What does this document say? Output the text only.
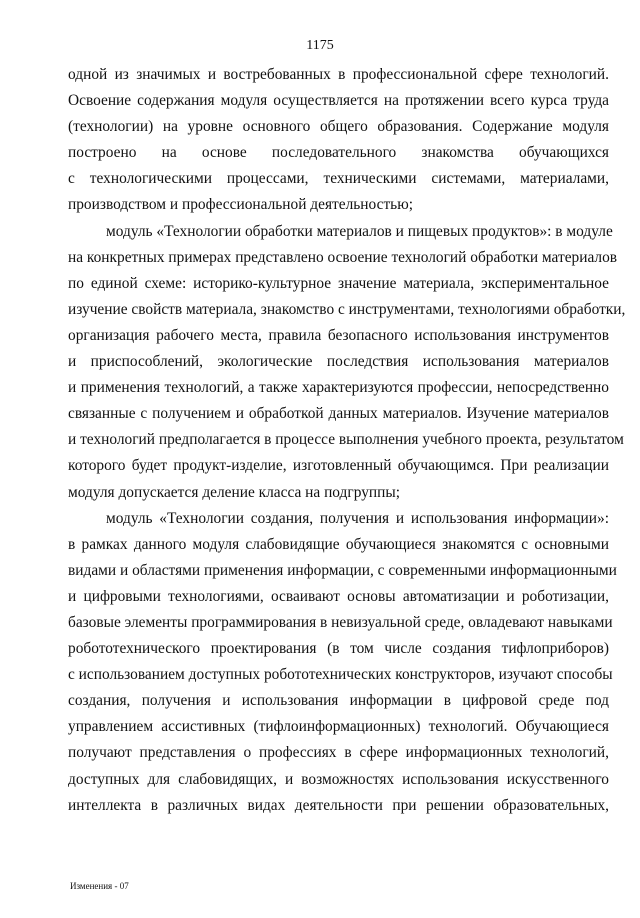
1175
одной из значимых и востребованных в профессиональной сфере технологий.
Освоение содержания модуля осуществляется на протяжении всего курса труда
(технологии) на уровне основного общего образования. Содержание модуля
построено на основе последовательного знакомства обучающихся
с технологическими процессами, техническими системами, материалами,
производством и профессиональной деятельностью;
модуль «Технологии обработки материалов и пищевых продуктов»: в модуле
на конкретных примерах представлено освоение технологий обработки материалов
по единой схеме: историко-культурное значение материала, экспериментальное
изучение свойств материала, знакомство с инструментами, технологиями обработки,
организация рабочего места, правила безопасного использования инструментов
и приспособлений, экологические последствия использования материалов
и применения технологий, а также характеризуются профессии, непосредственно
связанные с получением и обработкой данных материалов. Изучение материалов
и технологий предполагается в процессе выполнения учебного проекта, результатом
которого будет продукт-изделие, изготовленный обучающимся. При реализации
модуля допускается деление класса на подгруппы;
модуль «Технологии создания, получения и использования информации»:
в рамках данного модуля слабовидящие обучающиеся знакомятся с основными
видами и областями применения информации, с современными информационными
и цифровыми технологиями, осваивают основы автоматизации и роботизации,
базовые элементы программирования в невизуальной среде, овладевают навыками
робототехнического проектирования (в том числе создания тифлоприборов)
с использованием доступных робототехнических конструкторов, изучают способы
создания, получения и использования информации в цифровой среде под
управлением ассистивных (тифлоинформационных) технологий. Обучающиеся
получают представления о профессиях в сфере информационных технологий,
доступных для слабовидящих, и возможностях использования искусственного
интеллекта в различных видах деятельности при решении образовательных,
Изменения - 07
